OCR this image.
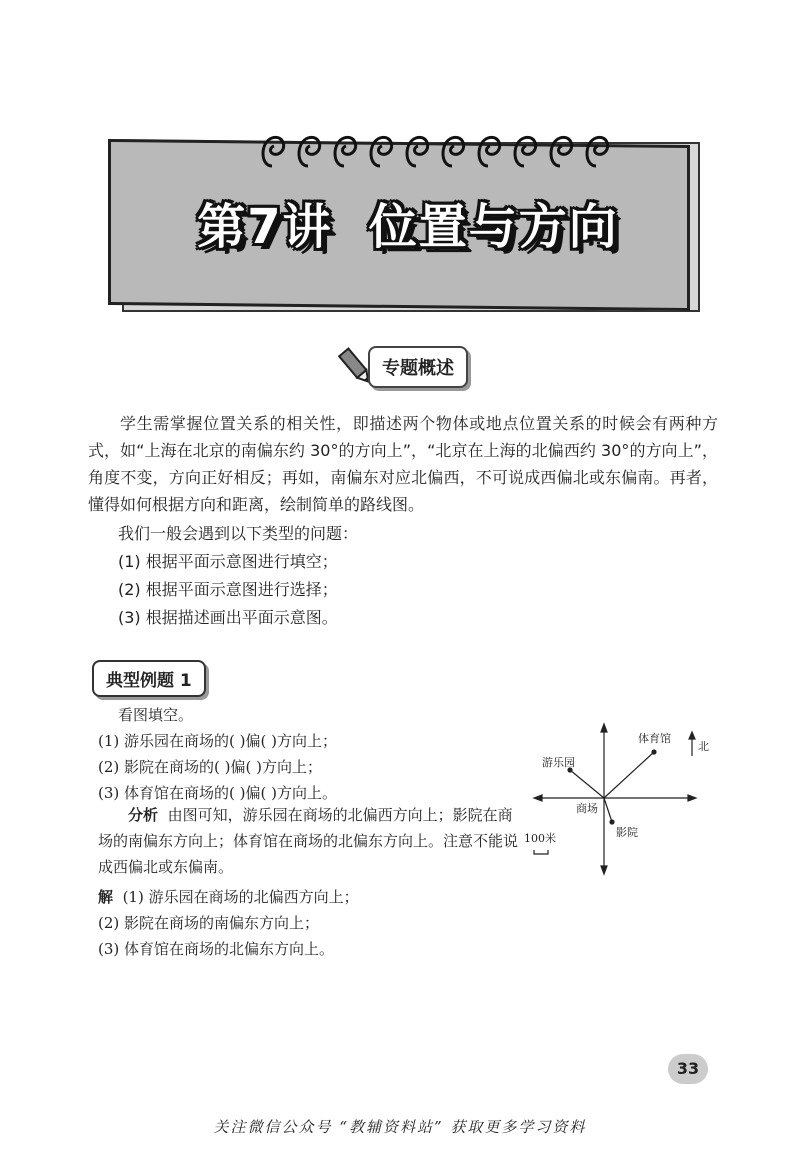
第7讲 位置与方向
专题概述
学生需掌握位置关系的相关性，即描述两个物体或地点位置关系的时候会有两种方式，如“上海在北京的南偏东约 30°的方向上”，“北京在上海的北偏西约 30°的方向上”，角度不变，方向正好相反；再如，南偏东对应北偏西，不可说成西偏北或东偏南。再者，懂得如何根据方向和距离，绘制简单的路线图。
我们一般会遇到以下类型的问题：
(1) 根据平面示意图进行填空；
(2) 根据平面示意图进行选择；
(3) 根据描述画出平面示意图。
典型例题 1
看图填空。
(1) 游乐园在商场的( )偏( )方向上；
(2) 影院在商场的( )偏( )方向上；
(3) 体育馆在商场的( )偏( )方向上。
分析 由图可知，游乐园在商场的北偏西方向上；影院在商场的南偏东方向上；体育馆在商场的北偏东方向上。注意不能说成西偏北或东偏南。
解 (1) 游乐园在商场的北偏西方向上；
(2) 影院在商场的南偏东方向上；
(3) 体育馆在商场的北偏东方向上。
北
商场
游乐园
体育馆
影院
100米
33
关注微信公众号 “教辅资料站” 获取更多学习资料
